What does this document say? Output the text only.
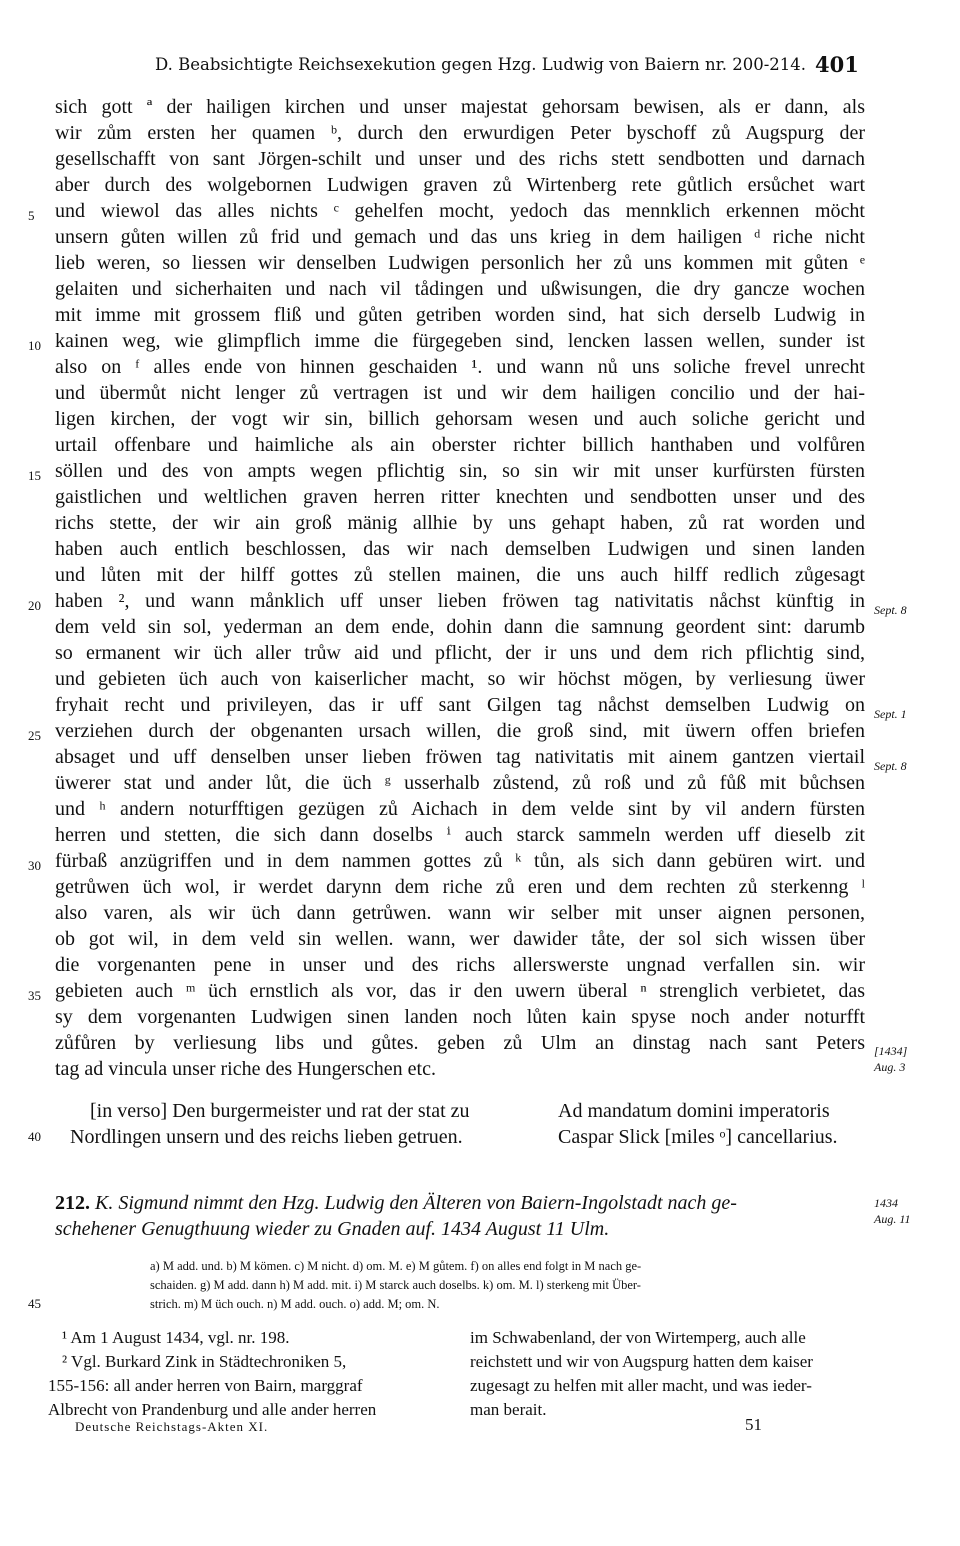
D. Beabsichtigte Reichsexekution gegen Hzg. Ludwig von Baiern nr. 200-214. 401
sich gott ª der hailigen kirchen und unser majestat gehorsam bewisen, als er dann, als
wir zům ersten her quamen ᵇ, durch den erwurdigen Peter byschoff zů Augspurg der
gesellschafft von sant Jörgen-schilt und unser und des richs stett sendbotten und darnach
aber durch des wolgebornen Ludwigen graven zů Wirtenberg rete gůtlich ersůchet wart
und wiewol das alles nichts ᶜ gehelfen mocht, yedoch das mennklich erkennen möcht
unsern gůten willen zů frid und gemach und das uns krieg in dem hailigen ᵈ riche nicht
lieb weren, so liessen wir denselben Ludwigen personlich her zů uns kommen mit gůten ᵉ
gelaiten und sicherhaiten und nach vil tådingen und ußwisungen, die dry gancze wochen
mit imme mit grossem fliß und gůten getriben worden sind, hat sich derselb Ludwig in
kainen weg, wie glimpflich imme die fürgegeben sind, lencken lassen wellen, sunder ist
also on ᶠ alles ende von hinnen geschaiden ¹. und wann nů uns soliche frevel unrecht
und übermůt nicht lenger zů vertragen ist und wir dem hailigen concilio und der hai-
ligen kirchen, der vogt wir sin, billich gehorsam wesen und auch soliche gericht und
urtail offenbare und haimliche als ain oberster richter billich hanthaben und volfůren
söllen und des von ampts wegen pflichtig sin, so sin wir mit unser kurfürsten fürsten
gaistlichen und weltlichen graven herren ritter knechten und sendbotten unser und des
richs stette, der wir ain groß mänig allhie by uns gehapt haben, zů rat worden und
haben auch entlich beschlossen, das wir nach demselben Ludwigen und sinen landen
und lůten mit der hilff gottes zů stellen mainen, die uns auch hilff redlich zůgesagt
haben ², und wann månklich uff unser lieben fröwen tag nativitatis nåchst künftig in
dem veld sin sol, yederman an dem ende, dohin dann die samnung geordent sint: darumb
so ermanent wir üch aller trůw aid und pflicht, der ir uns und dem rich pflichtig sind,
und gebieten üch auch von kaiserlicher macht, so wir höchst mögen, by verliesung üwer
fryhait recht und privileyen, das ir uff sant Gilgen tag nåchst demselben Ludwig on
verziehen durch der obgenanten ursach willen, die groß sind, mit üwern offen briefen
absaget und uff denselben unser lieben fröwen tag nativitatis mit ainem gantzen viertail
üwerer stat und ander lůt, die üch ᵍ usserhalb zůstend, zů roß und zů fůß mit bůchsen
und ʰ andern noturfftigen gezügen zů Aichach in dem velde sint by vil andern fürsten
herren und stetten, die sich dann doselbs ⁱ auch starck sammeln werden uff dieselb zit
fürbaß anzügriffen und in dem nammen gottes zů ᵏ tůn, als sich dann gebüren wirt. und
getrůwen üch wol, ir werdet darynn dem riche zů eren und dem rechten zů sterkenng ˡ
also varen, als wir üch dann getrůwen. wann wir selber mit unser aignen personen,
ob got wil, in dem veld sin wellen. wann, wer dawider tåte, der sol sich wissen über
die vorgenanten pene in unser und des richs allerswerste ungnad verfallen sin. wir
gebieten auch ᵐ üch ernstlich als vor, das ir den uwern überal ⁿ strenglich verbietet, das
sy dem vorgenanten Ludwigen sinen landen noch lůten kain spyse noch ander noturfft
zůfůren by verliesung libs und gůtes. geben zů Ulm an dinstag nach sant Peters
tag ad vincula unser riche des Hungerschen etc.
5
10
15
20
25
30
35
40
45
Sept. 8
Sept. 1
Sept. 8
[1434]
Aug. 3
1434
Aug. 11
[in verso] Den burgermeister und rat der stat zu
Nordlingen unsern und des reichs lieben getruen.
Ad mandatum domini imperatoris
Caspar Slick [miles ᵒ] cancellarius.
212. K. Sigmund nimmt den Hzg. Ludwig den Älteren von Baiern-Ingolstadt nach ge-
schehener Genugthuung wieder zu Gnaden auf. 1434 August 11 Ulm.
a) M add. und. b) M kömen. c) M nicht. d) om. M. e) M gůtem. f) on alles end folgt in M nach ge-
schaiden. g) M add. dann h) M add. mit. i) M starck auch doselbs. k) om. M. l) sterkeng mit Über-
strich. m) M üch ouch. n) M add. ouch. o) add. M; om. N.
¹ Am 1 August 1434, vgl. nr. 198.
² Vgl. Burkard Zink in Städtechroniken 5,
155-156: all ander herren von Bairn, marggraf
Albrecht von Prandenburg und alle ander herren
im Schwabenland, der von Wirtemperg, auch alle
reichstett und wir von Augspurg hatten dem kaiser
zugesagt zu helfen mit aller macht, und was ieder-
man berait.
Deutsche Reichstags-Akten XI.	51
